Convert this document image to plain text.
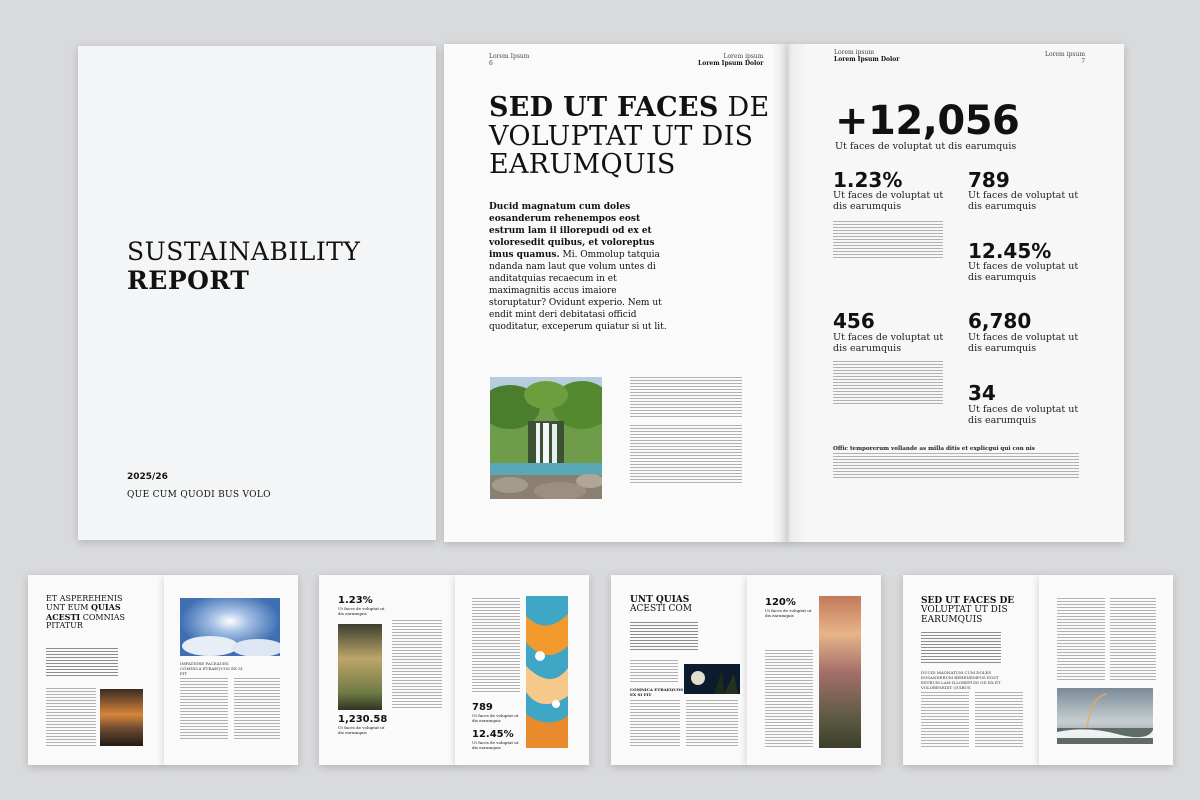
SUSTAINABILITY
REPORT
2025/26
QUE CUM QUODI BUS VOLO
Lorem Ipsum
6
Lorem ipsum
Lorem Ipsum Dolor
Lorem ipsum
Lorem Ipsum Dolor
Lorem ipsum
7
SED UT FACES DE
VOLUPTAT UT DIS
EARUMQUIS
Ducid magnatum cum doles eosanderum rehenempos eost estrum lam il illorepudi od ex et voloresedit quibus, et voloreptus imus quamus. Mi. Ommolup tatquia ndanda nam laut que volum untes di anditatquias recaecum in et maximagnitis accus imaiore storuptatur? Ovidunt experio. Nem ut endit mint deri debitatasi officid quoditatur, exceperum quiatur si ut lit.
+12,056
Ut faces de voluptat ut dis earumquis
1.23%
Ut faces de voluptat ut dis earumquis
789
Ut faces de voluptat ut dis earumquis
12.45%
Ut faces de voluptat ut dis earumquis
456
Ut faces de voluptat ut dis earumquis
6,780
Ut faces de voluptat ut dis earumquis
34
Ut faces de voluptat ut dis earumquis
Offic temporerum vollande as milla ditis et explicgui qui con nis
ET ASPEREHENIS
UNT EUM QUIAS
ACESTI COMNIAS
PITATUR
IMPATIORE FACEAUES COMNICA ETRAEQUOS EX SI FIT
1.23%
Ut faces de voluptat ut dis earumquis
1,230.58
Ut faces de voluptat ut dis earumquis
789
Ut faces de voluptat ut dis earumquis
12.45%
Ut faces de voluptat ut dis earumquis
UNT QUIAS
ACESTI COM
COMNICA ETRAEQUOS EX SI FIT
120%
Ut faces de voluptat ut dis earumquis
SED UT FACES DE
VOLUPTAT UT DIS
EARUMQUIS
DUCID MAGNATUM CUM DOLES EOSANDERUM REHENEMPOS EOST ESTRUM LAM ILLOREPUDI OD EX ET VOLORESEDIT QUIBUS
